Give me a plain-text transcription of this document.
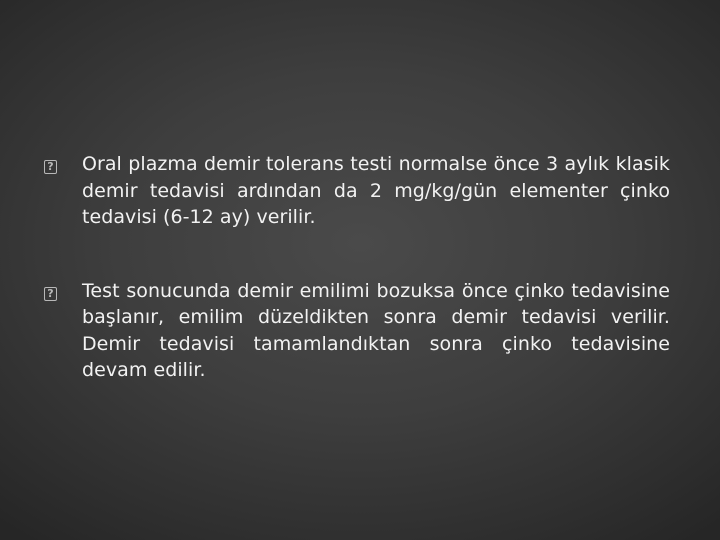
? Oral plazma demir tolerans testi normalse önce 3 aylık klasik demir tedavisi ardından da 2 mg/kg/gün elementer çinko tedavisi (6-12 ay) verilir.
? Test sonucunda demir emilimi bozuksa önce çinko tedavisine başlanır, emilim düzeldikten sonra demir tedavisi verilir. Demir tedavisi tamamlandıktan sonra çinko tedavisine devam edilir.
